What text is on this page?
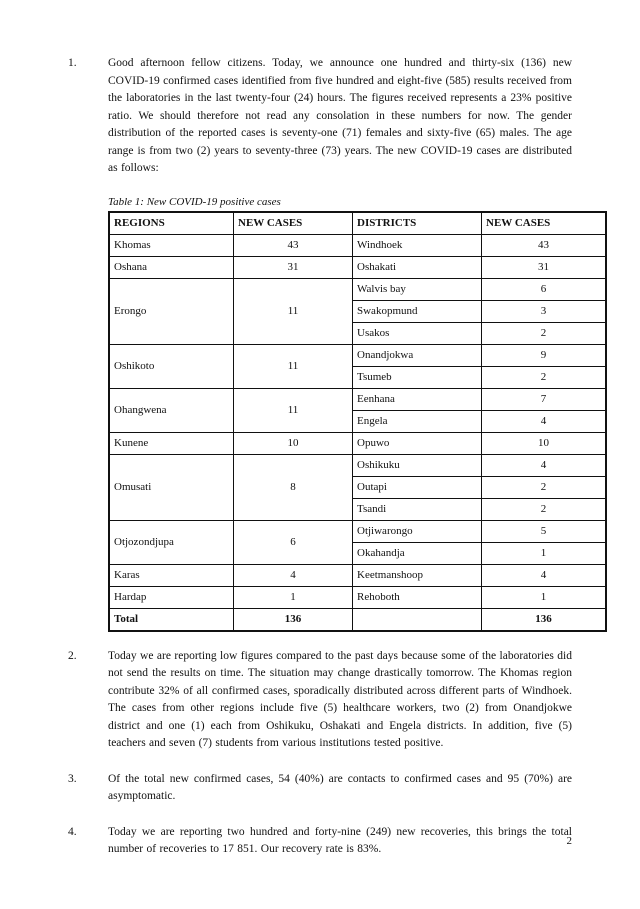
1.	Good afternoon fellow citizens. Today, we announce one hundred and thirty-six (136) new COVID-19 confirmed cases identified from five hundred and eight-five (585) results received from the laboratories in the last twenty-four (24) hours. The figures received represents a 23% positive ratio. We should therefore not read any consolation in these numbers for now. The gender distribution of the reported cases is seventy-one (71) females and sixty-five (65) males. The age range is from two (2) years to seventy-three (73) years. The new COVID-19 cases are distributed as follows:
Table 1: New COVID-19 positive cases
REGIONS	NEW CASES	DISTRICTS	NEW CASES
Khomas	43	Windhoek	43
Oshana	31	Oshakati	31
Erongo	11	Walvis bay	6
		Swakopmund	3
		Usakos	2
Oshikoto	11	Onandjokwa	9
		Tsumeb	2
Ohangwena	11	Eenhana	7
		Engela	4
Kunene	10	Opuwo	10
Omusati	8	Oshikuku	4
		Outapi	2
		Tsandi	2
Otjozondjupa	6	Otjiwarongo	5
		Okahandja	1
Karas	4	Keetmanshoop	4
Hardap	1	Rehoboth	1
Total	136		136
2.	Today we are reporting low figures compared to the past days because some of the laboratories did not send the results on time. The situation may change drastically tomorrow. The Khomas region contribute 32% of all confirmed cases, sporadically distributed across different parts of Windhoek. The cases from other regions include five (5) healthcare workers, two (2) from Onandjokwe district and one (1) each from Oshikuku, Oshakati and Engela districts. In addition, five (5) teachers and seven (7) students from various institutions tested positive.
3.	Of the total new confirmed cases, 54 (40%) are contacts to confirmed cases and 95 (70%) are asymptomatic.
4.	Today we are reporting two hundred and forty-nine (249) new recoveries, this brings the total number of recoveries to 17 851. Our recovery rate is 83%.
2
